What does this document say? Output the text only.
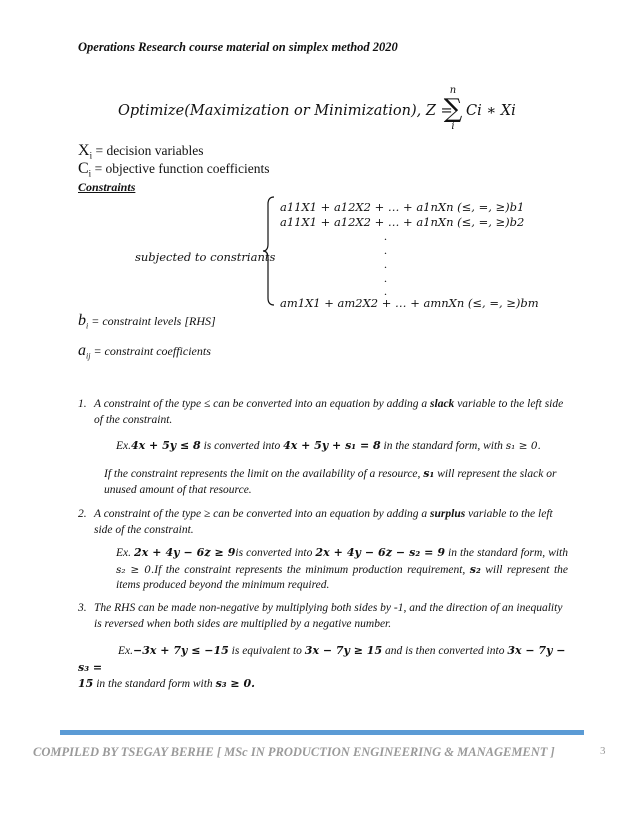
Operations Research course material on simplex method 2020
Optimize(Maximization or Minimization), Z =
n
∑
i
Ci ∗ Xi
$X_i$ = decision variables
$C_i$ = objective function coefficients
Constraints
subjected to constriants
a11X1 + a12X2 + … + a1nXn (≤, =, ≥)b1
a11X1 + a12X2 + … + a1nXn (≤, =, ≥)b2
.
.
.
.
.
am1X1 + am2X2 + … + amnXn (≤, =, ≥)bm
$b_i$ = constraint levels [RHS]
$a_{ij}$ = constraint coefficients
1. A constraint of the type ≤ can be converted into an equation by adding a slack variable to the left side of the constraint.
Ex.4x + 5y ≤ 8 is converted into 4x + 5y + s₁ = 8 in the standard form, with s₁ ≥ 0.
If the constraint represents the limit on the availability of a resource, s₁ will represent the slack or unused amount of that resource.
2. A constraint of the type ≥ can be converted into an equation by adding a surplus variable to the left side of the constraint.
Ex. 2x + 4y − 6z ≥ 9is converted into 2x + 4y − 6z − s₂ = 9 in the standard form, with s₂ ≥ 0.If the constraint represents the minimum production requirement, s₂ will represent the items produced beyond the minimum required.
3. The RHS can be made non-negative by multiplying both sides by -1, and the direction of an inequality is reversed when both sides are multiplied by a negative number.
Ex.−3x + 7y ≤ −15 is equivalent to 3x − 7y ≥ 15 and is then converted into 3x − 7y − s₃ =
15 in the standard form with s₃ ≥ 0.
COMPILED BY TSEGAY BERHE [ MSc IN PRODUCTION ENGINEERING & MANAGEMENT ]	3
